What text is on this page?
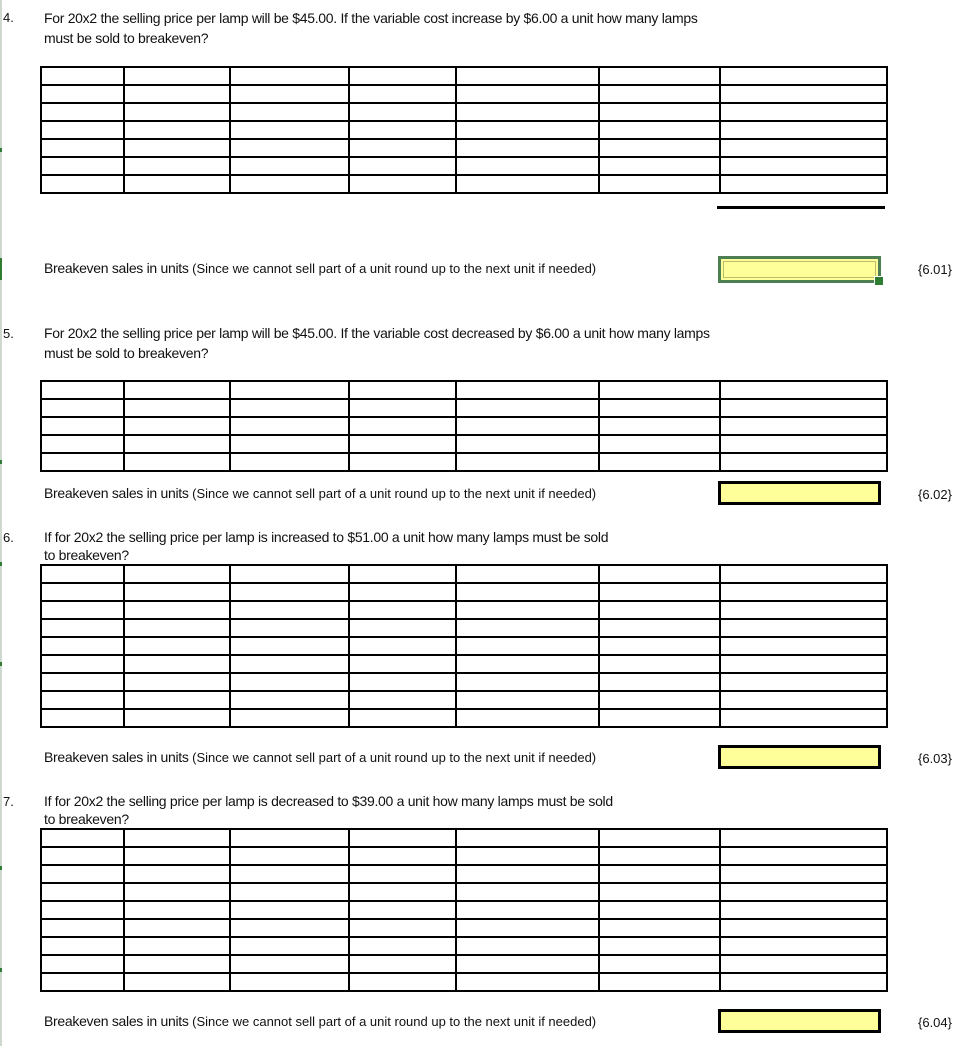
4. For 20x2 the selling price per lamp will be $45.00. If the variable cost increase by $6.00 a unit how many lamps
must be sold to breakeven?

Breakeven sales in units (Since we cannot sell part of a unit round up to the next unit if needed)	{6.01}
5. For 20x2 the selling price per lamp will be $45.00. If the variable cost decreased by $6.00 a unit how many lamps
must be sold to breakeven?

Breakeven sales in units (Since we cannot sell part of a unit round up to the next unit if needed)	{6.02}
6. If for 20x2 the selling price per lamp is increased to $51.00 a unit how many lamps must be sold
to breakeven?

Breakeven sales in units (Since we cannot sell part of a unit round up to the next unit if needed)	{6.03}
7. If for 20x2 the selling price per lamp is decreased to $39.00 a unit how many lamps must be sold
to breakeven?

Breakeven sales in units (Since we cannot sell part of a unit round up to the next unit if needed)	{6.04}
